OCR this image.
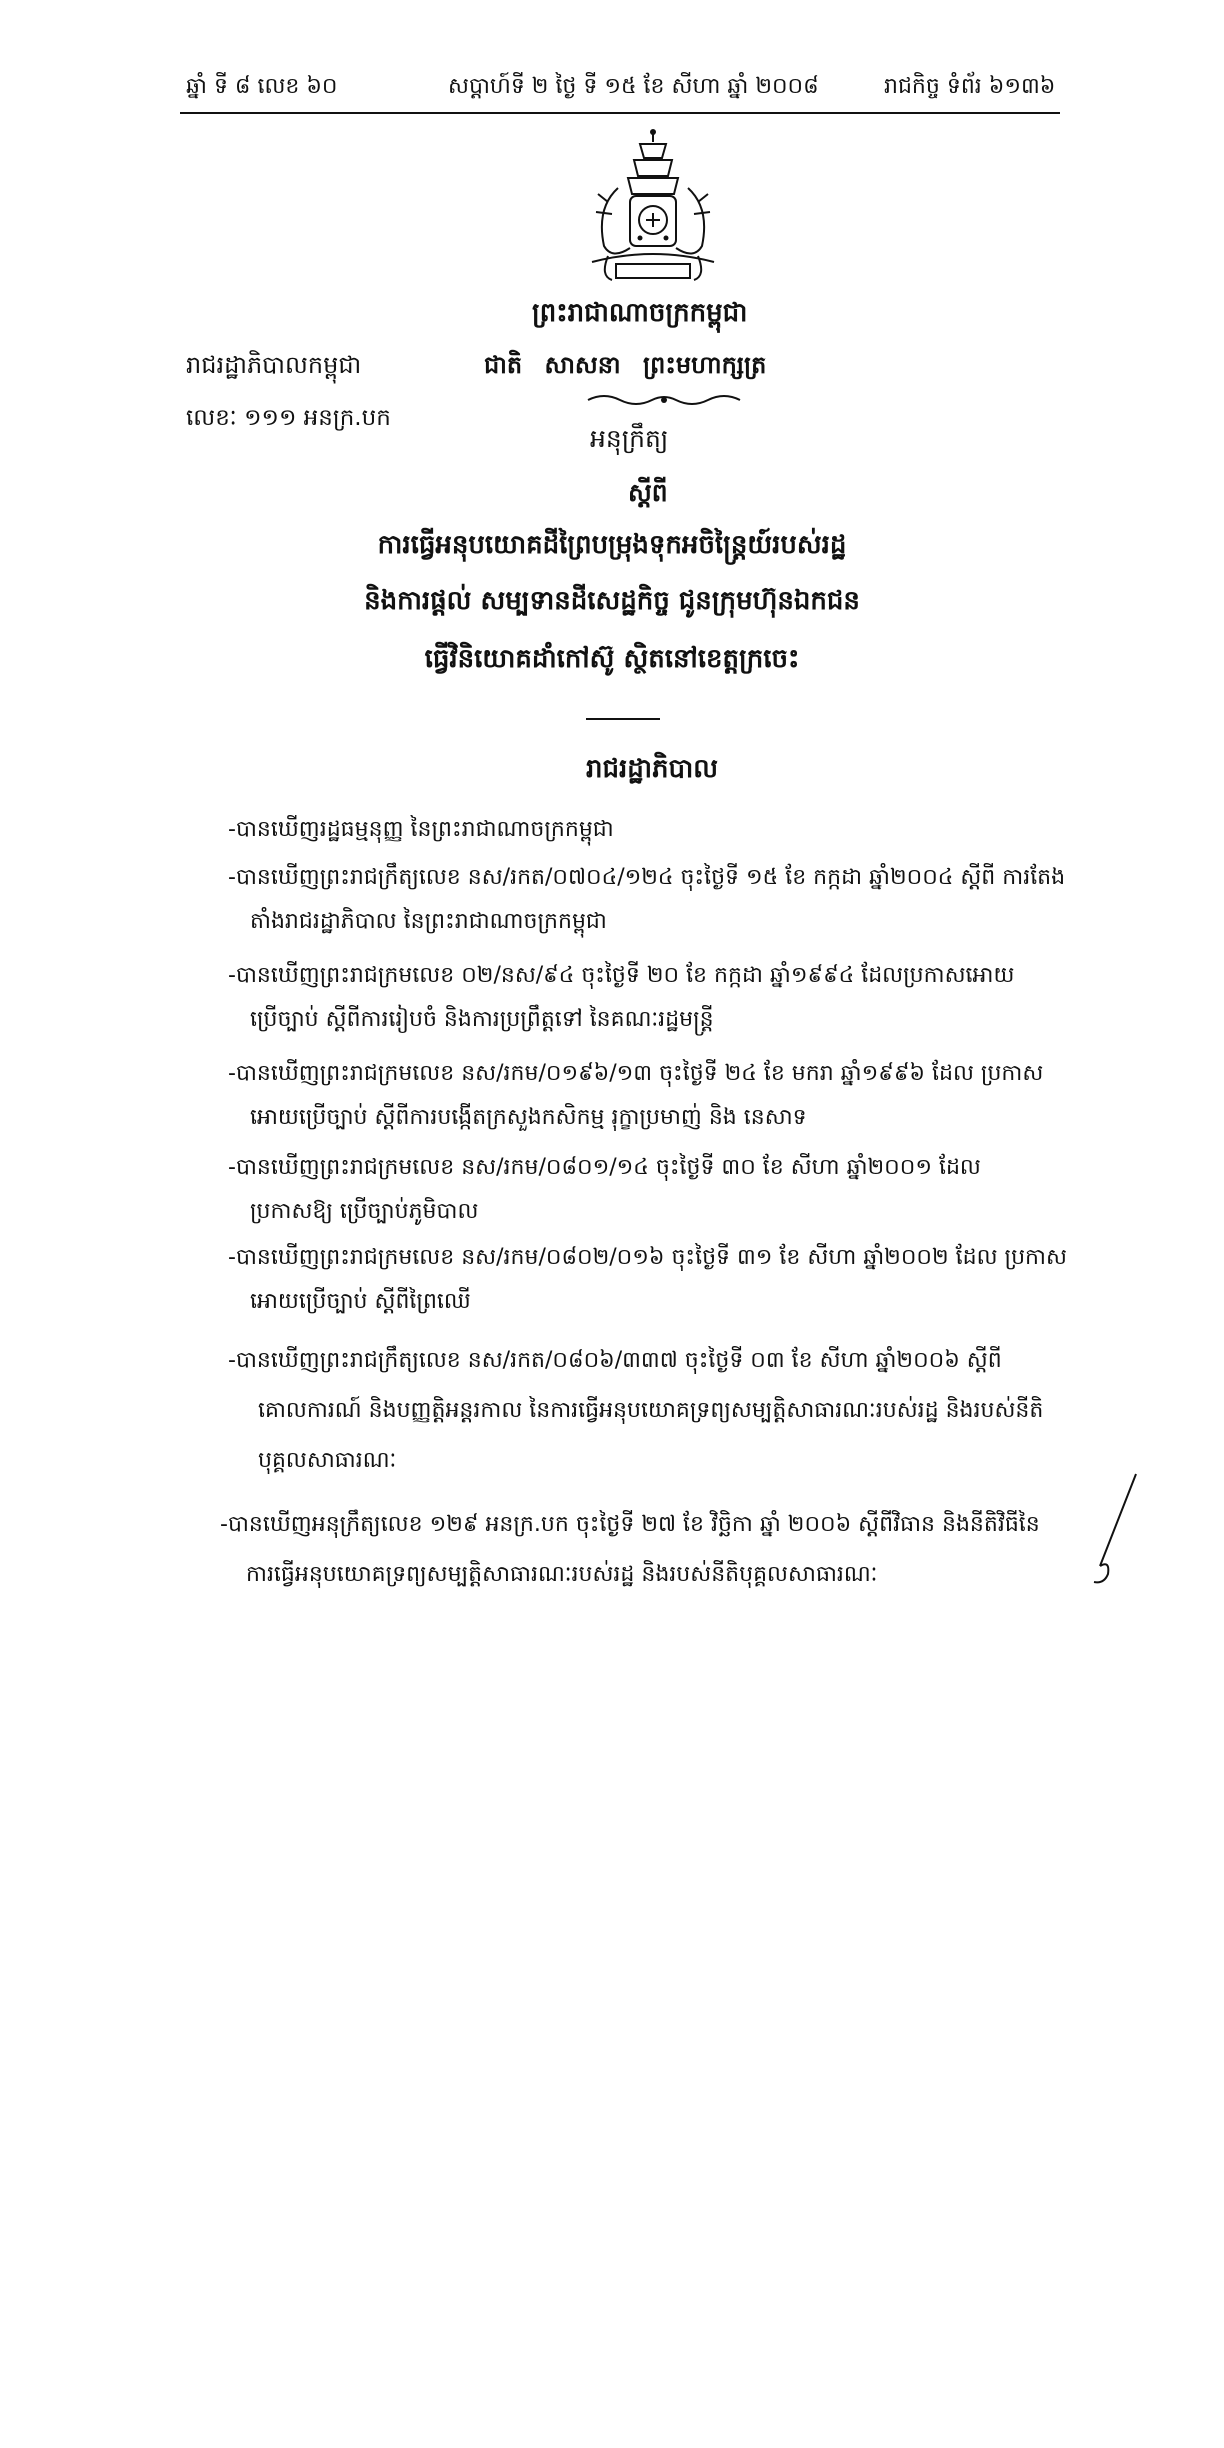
ឆ្នាំ ទី ៨ លេខ ៦០	សប្តាហ៍ទី ២ ថ្ងៃ ទី ១៥ ខែ សីហា ឆ្នាំ ២០០៨	រាជកិច្ច ទំព័រ ៦១៣៦
ព្រះរាជាណាចក្រកម្ពុជា
រាជរដ្ឋាភិបាលកម្ពុជា	ជាតិ សាសនា ព្រះមហាក្សត្រ
លេខៈ ១១១ អនក្រ.បក
អនុក្រឹត្យ
ស្តីពី
ការធ្វើអនុបយោគដីព្រៃបម្រុងទុកអចិន្ត្រៃយ៍របស់រដ្ឋ
និងការផ្តល់ សម្បទានដីសេដ្ឋកិច្ច ជូនក្រុមហ៊ុនឯកជន
ធ្វើវិនិយោគដាំកៅស៊ូ ស្ថិតនៅខេត្តក្រចេះ
រាជរដ្ឋាភិបាល
-បានឃើញរដ្ឋធម្មនុញ្ញ នៃព្រះរាជាណាចក្រកម្ពុជា
-បានឃើញព្រះរាជក្រឹត្យលេខ នស/រកត/០៧០៤/១២៤ ចុះថ្ងៃទី ១៥ ខែ កក្កដា ឆ្នាំ២០០៤ ស្តីពី ការតែង
តាំងរាជរដ្ឋាភិបាល នៃព្រះរាជាណាចក្រកម្ពុជា
-បានឃើញព្រះរាជក្រមលេខ ០២/នស/៩៤ ចុះថ្ងៃទី ២០ ខែ កក្កដា ឆ្នាំ១៩៩៤ ដែលប្រកាសអោយ
ប្រើច្បាប់ ស្តីពីការរៀបចំ និងការប្រព្រឹត្តទៅ នៃគណៈរដ្ឋមន្ត្រី
-បានឃើញព្រះរាជក្រមលេខ នស/រកម/០១៩៦/១៣ ចុះថ្ងៃទី ២៤ ខែ មករា ឆ្នាំ១៩៩៦ ដែល ប្រកាស
អោយប្រើច្បាប់ ស្តីពីការបង្កើតក្រសួងកសិកម្ម រុក្ខាប្រមាញ់ និង នេសាទ
-បានឃើញព្រះរាជក្រមលេខ នស/រកម/០៨០១/១៤ ចុះថ្ងៃទី ៣០ ខែ សីហា ឆ្នាំ២០០១ ដែល
ប្រកាសឱ្យ ប្រើច្បាប់ភូមិបាល
-បានឃើញព្រះរាជក្រមលេខ នស/រកម/០៨០២/០១៦ ចុះថ្ងៃទី ៣១ ខែ សីហា ឆ្នាំ២០០២ ដែល ប្រកាស
អោយប្រើច្បាប់ ស្តីពីព្រៃឈើ
-បានឃើញព្រះរាជក្រឹត្យលេខ នស/រកត/០៨០៦/៣៣៧ ចុះថ្ងៃទី ០៣ ខែ សីហា ឆ្នាំ២០០៦ ស្តីពី
គោលការណ៍ និងបញ្ញត្តិអន្តរកាល នៃការធ្វើអនុបយោគទ្រព្យសម្បត្តិសាធារណៈរបស់រដ្ឋ និងរបស់នីតិ
បុគ្គលសាធារណៈ
-បានឃើញអនុក្រឹត្យលេខ ១២៩ អនក្រ.បក ចុះថ្ងៃទី ២៧ ខែ វិច្ឆិកា ឆ្នាំ ២០០៦ ស្តីពីវិធាន និងនីតិវិធីនៃ
ការធ្វើអនុបយោគទ្រព្យសម្បត្តិសាធារណៈរបស់រដ្ឋ និងរបស់នីតិបុគ្គលសាធារណៈ
